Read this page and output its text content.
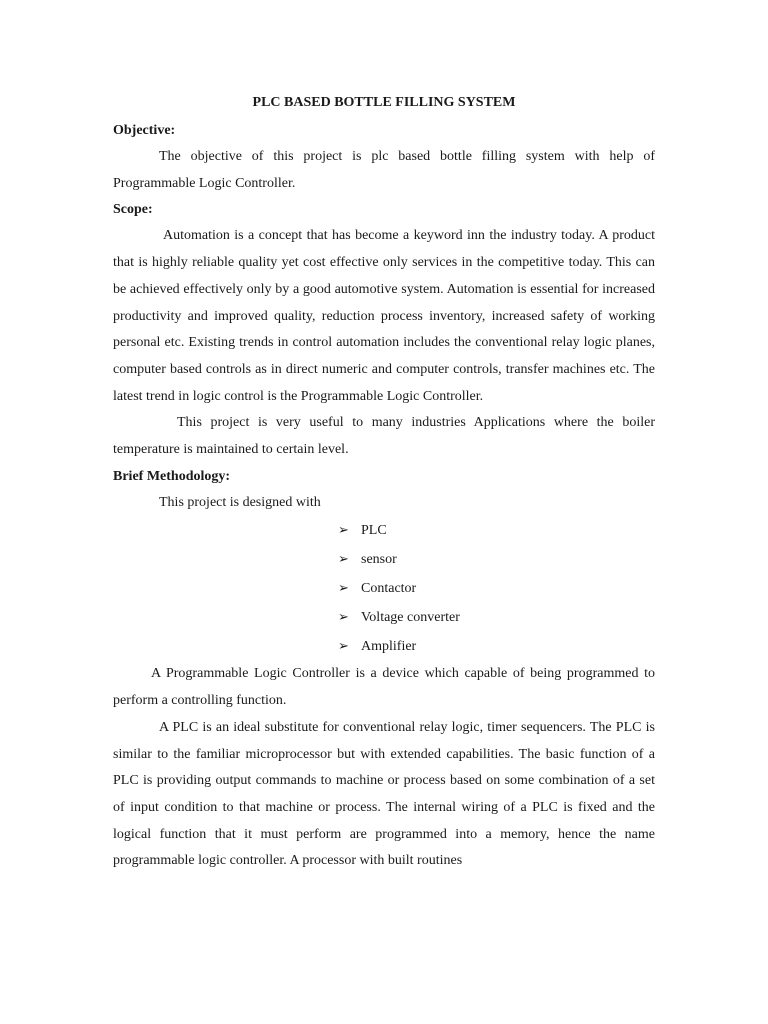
PLC BASED BOTTLE FILLING SYSTEM

Objective:

The objective of this project is plc based bottle filling system with help of Programmable Logic Controller.

Scope:

Automation is a concept that has become a keyword inn the industry today. A product that is highly reliable quality yet cost effective only services in the competitive today. This can be achieved effectively only by a good automotive system. Automation is essential for increased productivity and improved quality, reduction process inventory, increased safety of working personal etc. Existing trends in control automation includes the conventional relay logic planes, computer based controls as in direct numeric and computer controls, transfer machines etc. The latest trend in logic control is the Programmable Logic Controller.

This project is very useful to many industries Applications where the boiler temperature is maintained to certain level.

Brief Methodology:

This project is designed with

➢ PLC
➢ sensor
➢ Contactor
➢ Voltage converter
➢ Amplifier

A Programmable Logic Controller is a device which capable of being programmed to perform a controlling function.

A PLC is an ideal substitute for conventional relay logic, timer sequencers. The PLC is similar to the familiar microprocessor but with extended capabilities. The basic function of a PLC is providing output commands to machine or process based on some combination of a set of input condition to that machine or process. The internal wiring of a PLC is fixed and the logical function that it must perform are programmed into a memory, hence the name programmable logic controller. A processor with built routines
